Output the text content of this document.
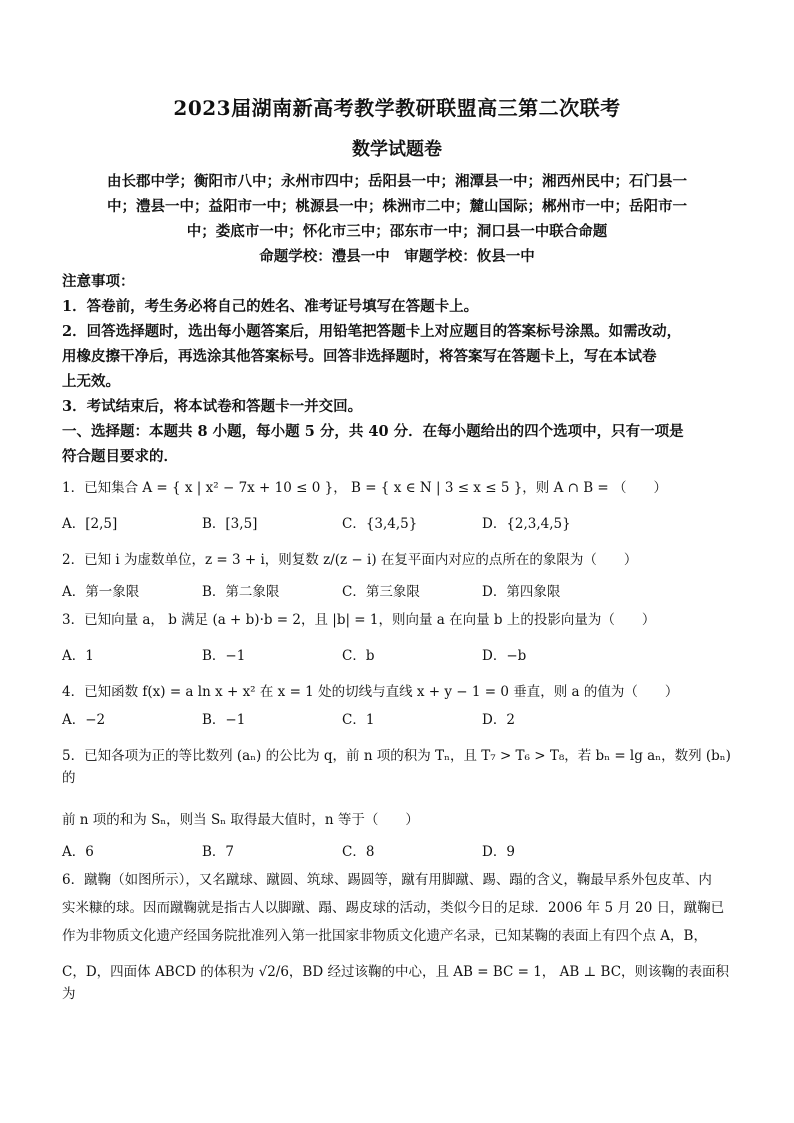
2023届湖南新高考教学教研联盟高三第二次联考
数学试题卷
由长郡中学；衡阳市八中；永州市四中；岳阳县一中；湘潭县一中；湘西州民中；石门县一
中；澧县一中；益阳市一中；桃源县一中；株洲市二中；麓山国际；郴州市一中；岳阳市一
中；娄底市一中；怀化市三中；邵东市一中；洞口县一中联合命题
命题学校：澧县一中　审题学校：攸县一中
注意事项：
1．答卷前，考生务必将自己的姓名、准考证号填写在答题卡上。
2．回答选择题时，选出每小题答案后，用铅笔把答题卡上对应题目的答案标号涂黑。如需改动，
用橡皮擦干净后，再选涂其他答案标号。回答非选择题时，将答案写在答题卡上，写在本试卷
上无效。
3．考试结束后，将本试卷和答题卡一并交回。
一、选择题：本题共 8 小题，每小题 5 分，共 40 分．在每小题给出的四个选项中，只有一项是
符合题目要求的．
1．已知集合 A = { x | x² − 7x + 10 ≤ 0 }， B = { x ∈ N | 3 ≤ x ≤ 5 }，则 A ∩ B = （　　）
A．[2,5]	B．[3,5]	C．{3,4,5}	D．{2,3,4,5}
2．已知 i 为虚数单位，z = 3 + i，则复数 z/(z − i) 在复平面内对应的点所在的象限为（　　）
A．第一象限	B．第二象限	C．第三象限	D．第四象限
3．已知向量 a， b 满足 (a + b)·b = 2，且 |b| = 1，则向量 a 在向量 b 上的投影向量为（　　）
A．1	B．−1	C．b	D．−b
4．已知函数 f(x) = a ln x + x² 在 x = 1 处的切线与直线 x + y − 1 = 0 垂直，则 a 的值为（　　）
A．−2	B．−1	C．1	D．2
5．已知各项为正的等比数列 (aₙ) 的公比为 q，前 n 项的积为 Tₙ，且 T₇ > T₆ > T₈，若 bₙ = lg aₙ，数列 (bₙ) 的
前 n 项的和为 Sₙ，则当 Sₙ 取得最大值时，n 等于（　　）
A．6	B．7	C．8	D．9
6．蹴鞠（如图所示），又名蹴球、蹴圆、筑球、踢圆等，蹴有用脚蹴、踢、蹋的含义，鞠最早系外包皮革、内
实米糠的球。因而蹴鞠就是指古人以脚蹴、蹋、踢皮球的活动，类似今日的足球．2006 年 5 月 20 日，蹴鞠已
作为非物质文化遗产经国务院批准列入第一批国家非物质文化遗产名录，已知某鞠的表面上有四个点 A，B，
C，D，四面体 ABCD 的体积为 √2/6，BD 经过该鞠的中心，且 AB = BC = 1， AB ⊥ BC，则该鞠的表面积为
